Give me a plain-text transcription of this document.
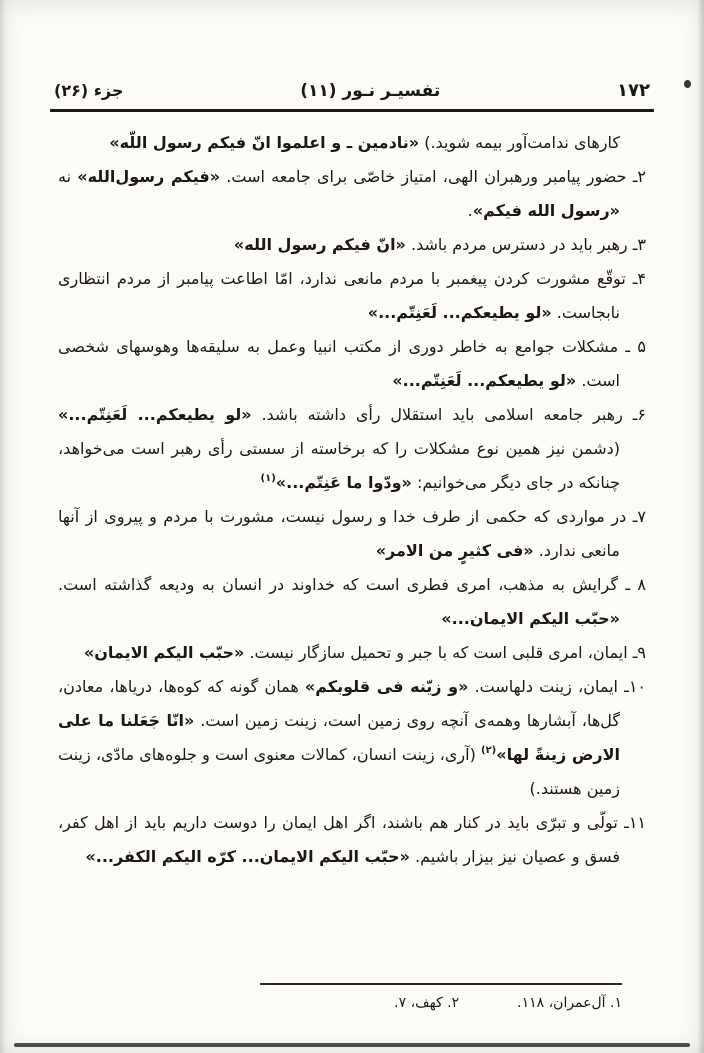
۱۷۲
تفسيـر نـور (۱۱)
جزء (۲۶)

كارهاى ندامت‌آور بيمه شويد.) «نادمين ـ و اعلموا انّ فيكم رسول اللّه»

۲ـ حضور پيامبر ورهبران الهى، امتياز خاصّى براى جامعه است. «فيكم رسول‌الله» نه «رسول الله فيكم».

۳ـ رهبر بايد در دسترس مردم باشد. «انّ فيكم رسول الله»

۴ـ توقّع مشورت كردن پيغمبر با مردم مانعى ندارد، امّا اطاعت پيامبر از مردم انتظارى نابجاست. «لو يطيعكم... لَعَنِتّم...»

۵ ـ مشكلات جوامع به خاطر دورى از مكتب انبيا وعمل به سليقه‌ها وهوسهاى شخصى است. «لو يطيعكم... لَعَنِتّم...»

۶ـ رهبر جامعه اسلامى بايد استقلال رأى داشته باشد. «لو يطيعكم... لَعَنِتّم...» (دشمن نيز همين نوع مشكلات را كه برخاسته از سستى رأى رهبر است مى‌خواهد، چنانكه در جاى ديگر مى‌خوانيم: «ودّوا ما عَنِتّم...»$^{(۱)}$

۷ـ در مواردى كه حكمى از طرف خدا و رسول نيست، مشورت با مردم و پيروى از آنها مانعى ندارد. «فى كثيرٍ من الامر»

۸ ـ گرايش به مذهب، امرى فطرى است كه خداوند در انسان به وديعه گذاشته است. «حبّب اليكم الايمان...»

۹ـ ايمان، امرى قلبى است كه با جبر و تحميل سازگار نيست. «حبّب اليكم الايمان»

۱۰ـ ايمان، زينت دلهاست. «و زيّنه فى قلوبكم» همان گونه كه كوه‌ها، درياها، معادن، گل‌ها، آبشارها وهمه‌ى آنچه روى زمين است، زينت زمين است. «انّا جَعَلنا ما على الارض زينةً لها»$^{(۲)}$ (آرى، زينت انسان، كمالات معنوى است و جلوه‌هاى مادّى، زينت زمين هستند.)

۱۱ـ تولّى و تبرّى بايد در كنار هم باشند، اگر اهل ايمان را دوست داريم بايد از اهل كفر، فسق و عصيان نيز بيزار باشيم. «حبّب اليكم الايمان... كرّه اليكم الكفر...»

۱. آل‌عمران، ۱۱۸.
۲. كهف، ۷.
